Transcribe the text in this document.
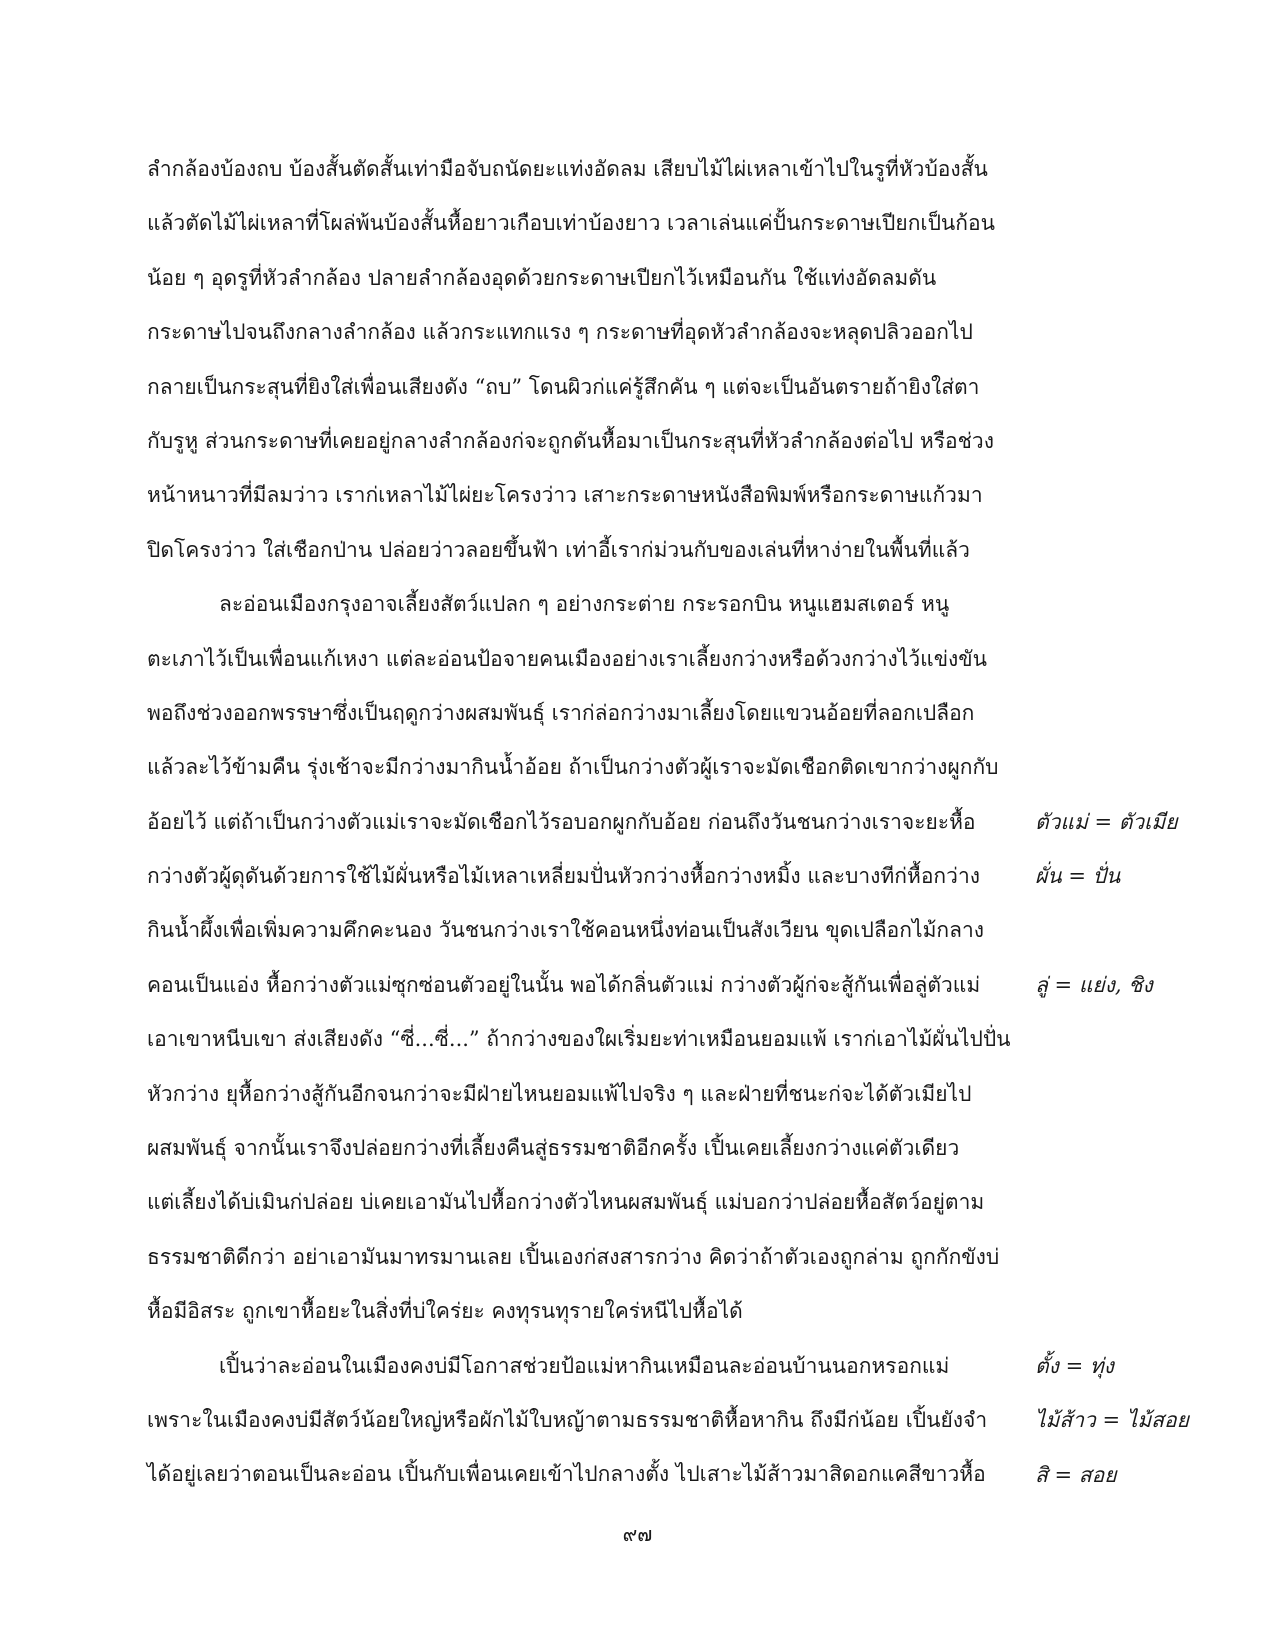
ลำกล้องบ้องถบ บ้องสั้นตัดสั้นเท่ามือจับถนัดยะแท่งอัดลม เสียบไม้ไผ่เหลาเข้าไปในรูที่หัวบ้องสั้น
แล้วตัดไม้ไผ่เหลาที่โผล่พ้นบ้องสั้นหื้อยาวเกือบเท่าบ้องยาว เวลาเล่นแค่ปั้นกระดาษเปียกเป็นก้อน
น้อย ๆ อุดรูที่หัวลำกล้อง ปลายลำกล้องอุดด้วยกระดาษเปียกไว้เหมือนกัน ใช้แท่งอัดลมดัน
กระดาษไปจนถึงกลางลำกล้อง แล้วกระแทกแรง ๆ กระดาษที่อุดหัวลำกล้องจะหลุดปลิวออกไป
กลายเป็นกระสุนที่ยิงใส่เพื่อนเสียงดัง “ถบ” โดนผิวก่แค่รู้สึกคัน ๆ แต่จะเป็นอันตรายถ้ายิงใส่ตา
กับรูหู ส่วนกระดาษที่เคยอยู่กลางลำกล้องก่จะถูกดันหื้อมาเป็นกระสุนที่หัวลำกล้องต่อไป หรือช่วง
หน้าหนาวที่มีลมว่าว เราก่เหลาไม้ไผ่ยะโครงว่าว เสาะกระดาษหนังสือพิมพ์หรือกระดาษแก้วมา
ปิดโครงว่าว ใส่เชือกป่าน ปล่อยว่าวลอยขึ้นฟ้า เท่าอี้เราก่ม่วนกับของเล่นที่หาง่ายในพื้นที่แล้ว
ละอ่อนเมืองกรุงอาจเลี้ยงสัตว์แปลก ๆ อย่างกระต่าย กระรอกบิน หนูแฮมสเตอร์ หนู
ตะเภาไว้เป็นเพื่อนแก้เหงา แต่ละอ่อนป้อจายคนเมืองอย่างเราเลี้ยงกว่างหรือด้วงกว่างไว้แข่งขัน
พอถึงช่วงออกพรรษาซึ่งเป็นฤดูกว่างผสมพันธุ์ เราก่ล่อกว่างมาเลี้ยงโดยแขวนอ้อยที่ลอกเปลือก
แล้วละไว้ข้ามคืน รุ่งเช้าจะมีกว่างมากินน้ำอ้อย ถ้าเป็นกว่างตัวผู้เราจะมัดเชือกติดเขากว่างผูกกับ
อ้อยไว้ แต่ถ้าเป็นกว่างตัวแม่เราจะมัดเชือกไว้รอบอกผูกกับอ้อย ก่อนถึงวันชนกว่างเราจะยะหื้อ
กว่างตัวผู้ดุดันด้วยการใช้ไม้ผั่นหรือไม้เหลาเหลี่ยมปั่นหัวกว่างหื้อกว่างหมิ้ง และบางทีก่หื้อกว่าง
กินน้ำผึ้งเพื่อเพิ่มความคึกคะนอง วันชนกว่างเราใช้คอนหนึ่งท่อนเป็นสังเวียน ขุดเปลือกไม้กลาง
คอนเป็นแอ่ง หื้อกว่างตัวแม่ซุกซ่อนตัวอยู่ในนั้น พอได้กลิ่นตัวแม่ กว่างตัวผู้ก่จะสู้กันเพื่อลู่ตัวแม่
เอาเขาหนีบเขา ส่งเสียงดัง “ซี่...ซี่...” ถ้ากว่างของใผเริ่มยะท่าเหมือนยอมแพ้ เราก่เอาไม้ผั่นไปปั่น
หัวกว่าง ยุหื้อกว่างสู้กันอีกจนกว่าจะมีฝ่ายไหนยอมแพ้ไปจริง ๆ และฝ่ายที่ชนะก่จะได้ตัวเมียไป
ผสมพันธุ์ จากนั้นเราจึงปล่อยกว่างที่เลี้ยงคืนสู่ธรรมชาติอีกครั้ง เปิ้นเคยเลี้ยงกว่างแค่ตัวเดียว
แต่เลี้ยงได้บ่เมินก่ปล่อย บ่เคยเอามันไปหื้อกว่างตัวไหนผสมพันธุ์ แม่บอกว่าปล่อยหื้อสัตว์อยู่ตาม
ธรรมชาติดีกว่า อย่าเอามันมาทรมานเลย เปิ้นเองก่สงสารกว่าง คิดว่าถ้าตัวเองถูกล่าม ถูกกักขังบ่
หื้อมีอิสระ ถูกเขาหื้อยะในสิ่งที่บ่ใคร่ยะ คงทุรนทุรายใคร่หนีไปหื้อได้
เปิ้นว่าละอ่อนในเมืองคงบ่มีโอกาสช่วยป้อแม่หากินเหมือนละอ่อนบ้านนอกหรอกแม่
เพราะในเมืองคงบ่มีสัตว์น้อยใหญ่หรือผักไม้ใบหญ้าตามธรรมชาติหื้อหากิน ถึงมีก่น้อย เปิ้นยังจำ
ได้อยู่เลยว่าตอนเป็นละอ่อน เปิ้นกับเพื่อนเคยเข้าไปกลางตั้ง ไปเสาะไม้ส้าวมาสิดอกแคสีขาวหื้อ
ตัวแม่ = ตัวเมีย
ผั่น = ปั่น
ลู่ = แย่ง, ชิง
ตั้ง = ทุ่ง
ไม้ส้าว = ไม้สอย
สิ = สอย
๙๗
